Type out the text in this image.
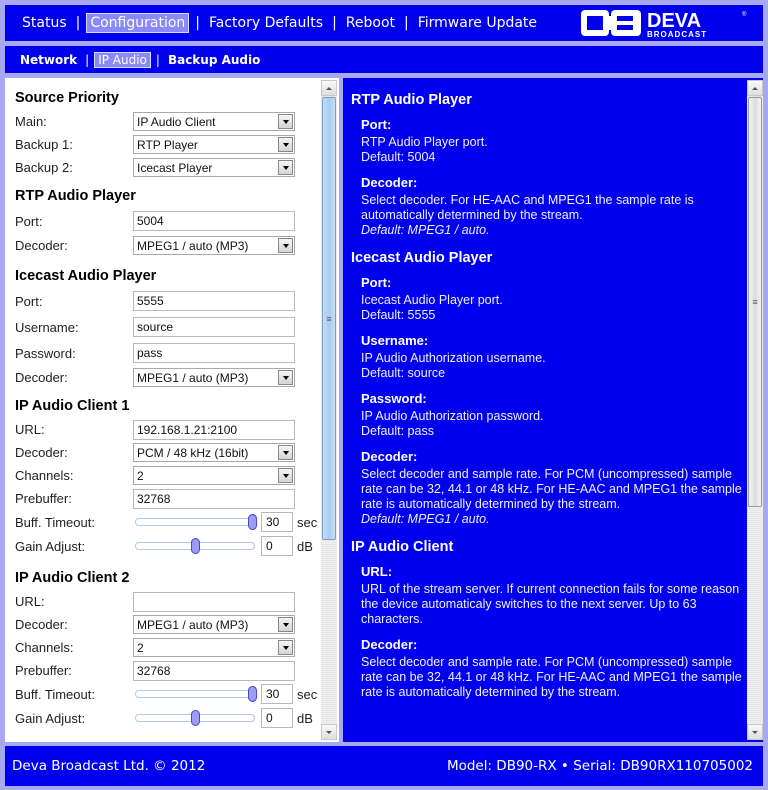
Status | Configuration | Factory Defaults | Reboot | Firmware Update	DEVA	®
BROADCAST
Network | IP Audio | Backup Audio
Source Priority
Main:	IP Audio Client
Backup 1:	RTP Player
Backup 2:	Icecast Player
RTP Audio Player
Port:	5004
Decoder:	MPEG1 / auto (MP3)
Icecast Audio Player
Port:	5555
Username:	source
Password:	pass
Decoder:	MPEG1 / auto (MP3)
IP Audio Client 1
URL:	192.168.1.21:2100
Decoder:	PCM / 48 kHz (16bit)
Channels:	2
Prebuffer:	32768
Buff. Timeout:	30	sec
Gain Adjust:	0	dB
IP Audio Client 2
URL:
Decoder:	MPEG1 / auto (MP3)
Channels:	2
Prebuffer:	32768
Buff. Timeout:	30	sec
Gain Adjust:	0	dB
≡
RTP Audio Player
Port:
RTP Audio Player port.
Default: 5004
Decoder:
Select decoder. For HE-AAC and MPEG1 the sample rate is automatically determined by the stream.
Default: MPEG1 / auto.
Icecast Audio Player
Port:
Icecast Audio Player port.
Default: 5555
Username:
IP Audio Authorization username.
Default: source
Password:
IP Audio Authorization password.
Default: pass
Decoder:
Select decoder and sample rate. For PCM (uncompressed) sample rate can be 32, 44.1 or 48 kHz. For HE-AAC and MPEG1 the sample rate is automatically determined by the stream.
Default: MPEG1 / auto.
IP Audio Client
URL:
URL of the stream server. If current connection fails for some reason the device automaticaly switches to the next server. Up to 63 characters.
Decoder:
Select decoder and sample rate. For PCM (uncompressed) sample rate can be 32, 44.1 or 48 kHz. For HE-AAC and MPEG1 the sample rate is automatically determined by the stream.
≡
Deva Broadcast Ltd. © 2012	Model: DB90-RX • Serial: DB90RX110705002
